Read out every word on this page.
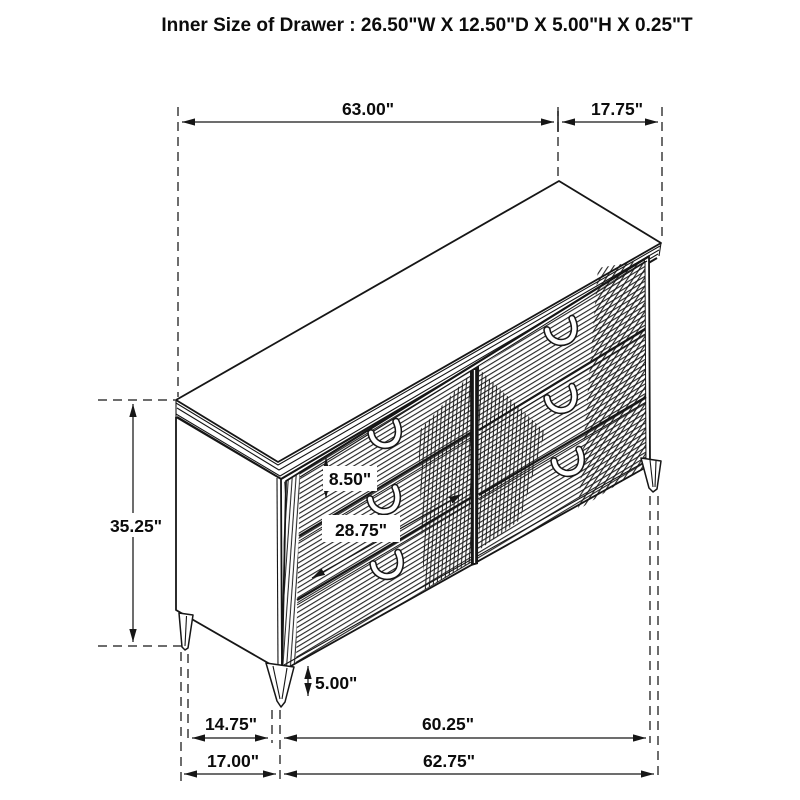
63.00"	17.75"
35.25"
8.50"
28.75"
5.00"
14.75"	60.25"
17.00"	62.75"
Inner Size of Drawer : 26.50"W X 12.50"D X 5.00"H X 0.25"T
